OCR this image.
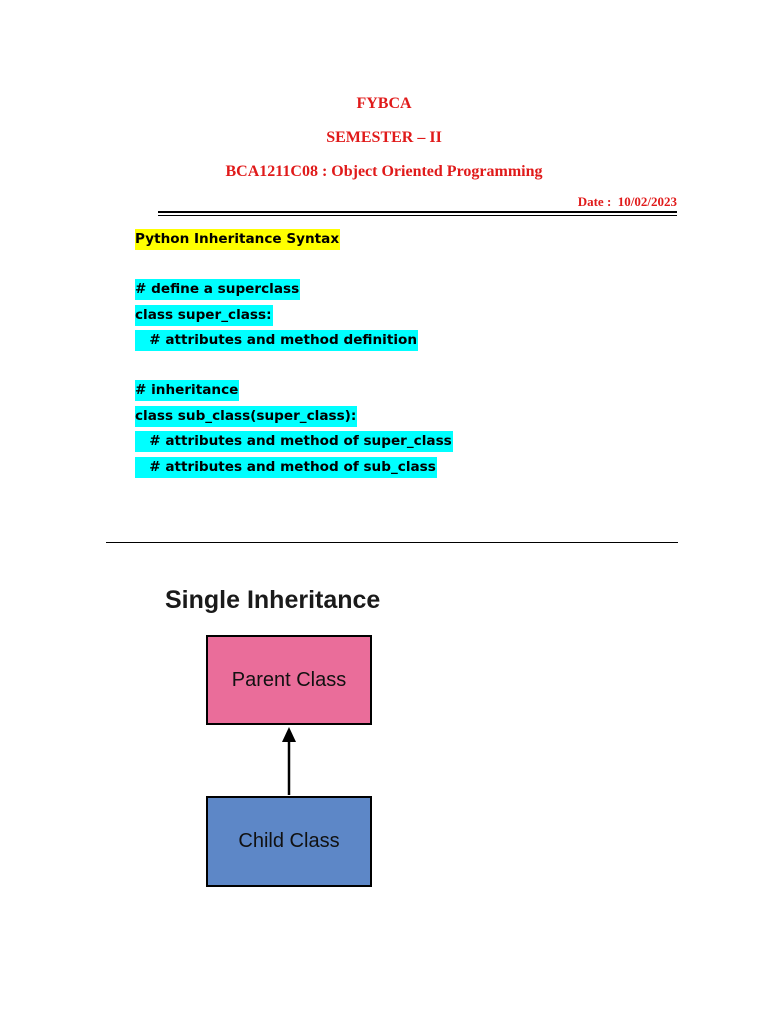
FYBCA
SEMESTER – II
BCA1211C08 : Object Oriented Programming
Date :  10/02/2023
Python Inheritance Syntax
# define a superclass
class super_class:
# attributes and method definition
# inheritance
class sub_class(super_class):
# attributes and method of super_class
# attributes and method of sub_class
Single Inheritance
Parent Class
Child Class
